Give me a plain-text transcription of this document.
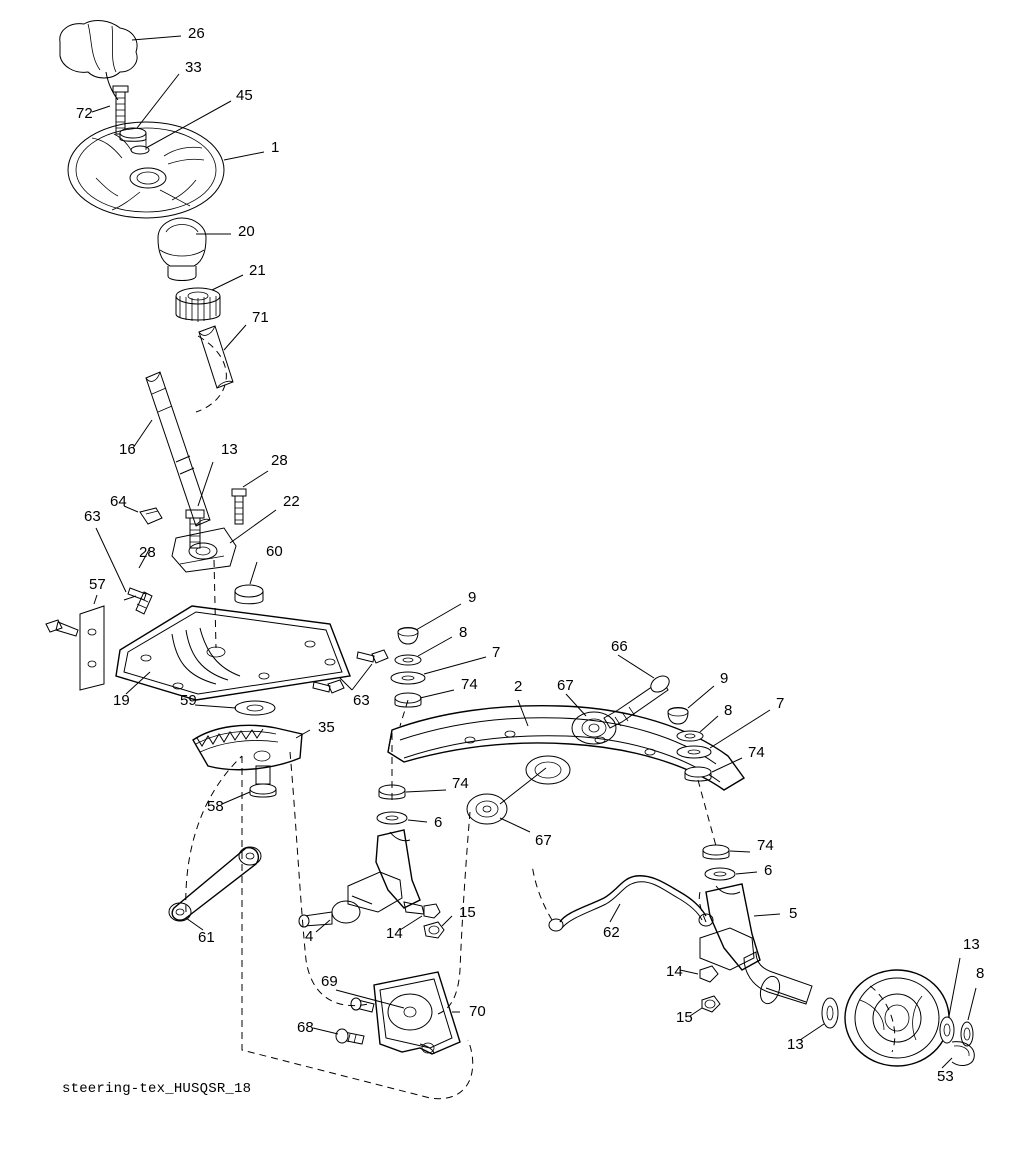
26
33
45
72
1
20
21
71
16	13
28
64	22
63
28	60
57
9
8
66
7
19
74 2 67	9
8	7
59	63
35
74
74
58
6
67	74
6
61	4	14
15	5
62
13
14	8
69
70	15
68
13
53
steering-tex_HUSQSR_18
